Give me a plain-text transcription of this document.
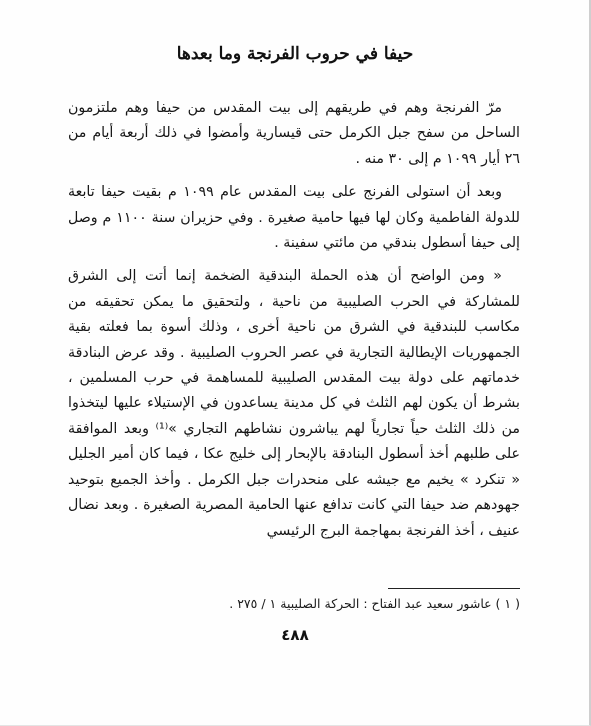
حيفا في حروب الفرنجة وما بعدها

مرّ الفرنجة وهم في طريقهم إلى بيت المقدس من حيفا وهم ملتزمون الساحل من سفح جبل الكرمل حتى قيسارية وأمضوا في ذلك أربعة أيام من ٢٦ أيار ١٠٩٩ م إلى ٣٠ منه .

وبعد أن استولى الفرنج على بيت المقدس عام ١٠٩٩ م بقيت حيفا تابعة للدولة الفاطمية وكان لها فيها حامية صغيرة . وفي حزيران سنة ١١٠٠ م وصل إلى حيفا أسطول بندقي من مائتي سفينة .

« ومن الواضح أن هذه الحملة البندقية الضخمة إنما أتت إلى الشرق للمشاركة في الحرب الصليبية من ناحية ، ولتحقيق ما يمكن تحقيقه من مكاسب للبندقية في الشرق من ناحية أخرى ، وذلك أسوة بما فعلته بقية الجمهوريات الإيطالية التجارية في عصر الحروب الصليبية . وقد عرض البنادقة خدماتهم على دولة بيت المقدس الصليبية للمساهمة في حرب المسلمين ، بشرط أن يكون لهم الثلث في كل مدينة يساعدون في الإستيلاء عليها ليتخذوا من ذلك الثلث حياً تجارياً لهم يباشرون نشاطهم التجاري »⁽¹⁾ وبعد الموافقة على طلبهم أخذ أسطول البنادقة بالإبحار إلى خليج عكا ، فيما كان أمير الجليل « تنكرد » يخيم مع جيشه على منحدرات جبل الكرمل . وأخذ الجميع بتوحيد جهودهم ضد حيفا التي كانت تدافع عنها الحامية المصرية الصغيرة . وبعد نضال عنيف ، أخذ الفرنجة بمهاجمة البرج الرئيسي

( ١ ) عاشور سعيد عبد الفتاح : الحركة الصليبية ١ / ٢٧٥ .
٤٨٨
